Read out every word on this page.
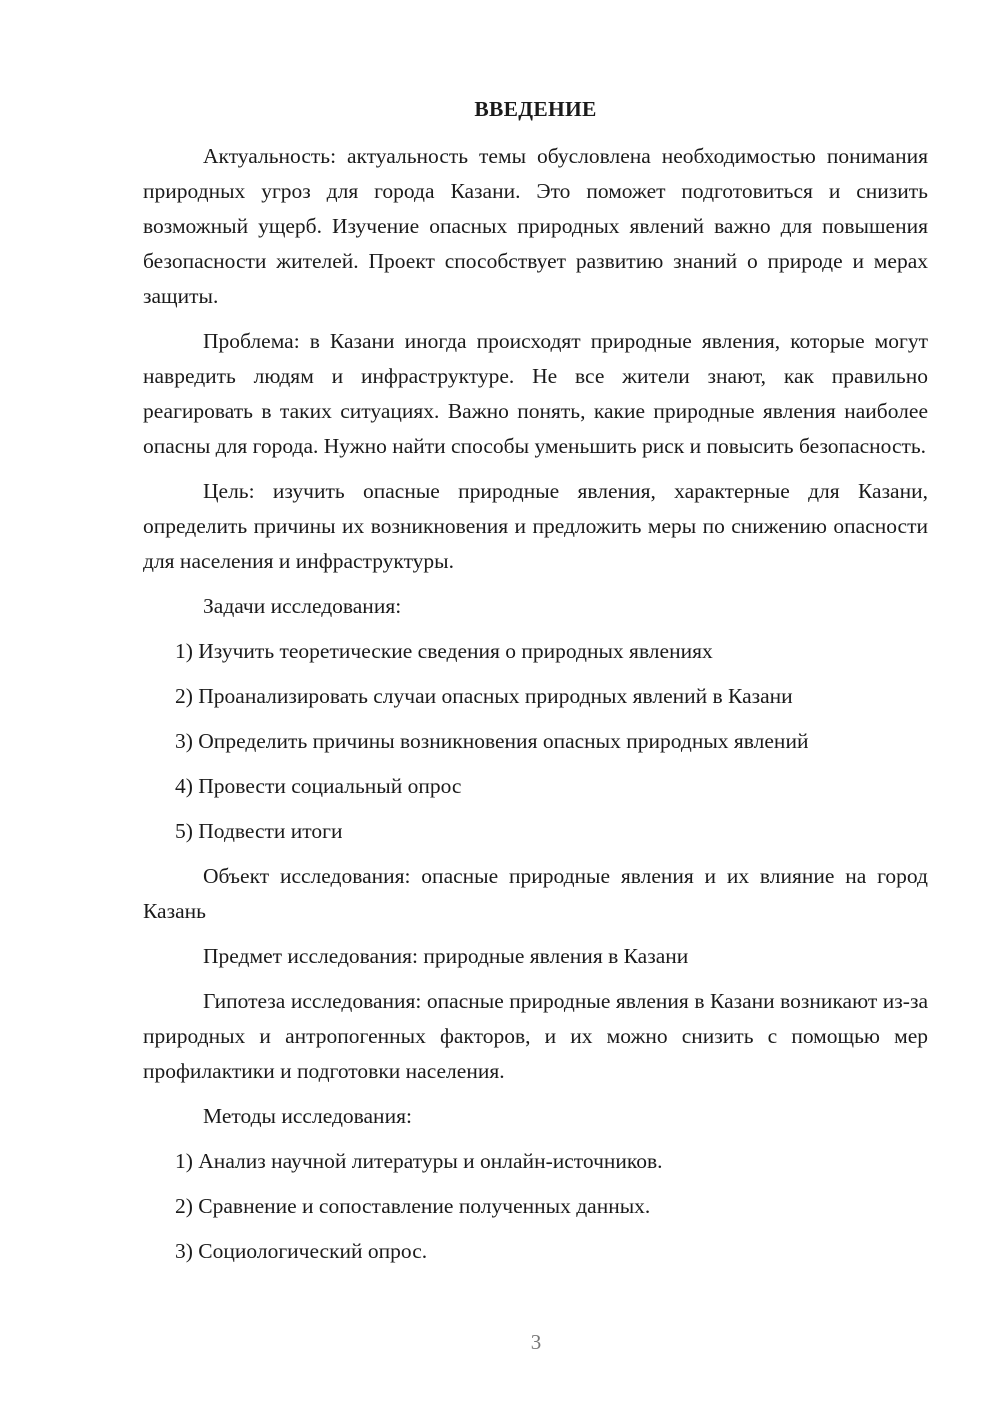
ВВЕДЕНИЕ

Актуальность: актуальность темы обусловлена необходимостью понимания природных угроз для города Казани. Это поможет подготовиться и снизить возможный ущерб. Изучение опасных природных явлений важно для повышения безопасности жителей. Проект способствует развитию знаний о природе и мерах защиты.

Проблема: в Казани иногда происходят природные явления, которые могут навредить людям и инфраструктуре. Не все жители знают, как правильно реагировать в таких ситуациях. Важно понять, какие природные явления наиболее опасны для города. Нужно найти способы уменьшить риск и повысить безопасность.

Цель: изучить опасные природные явления, характерные для Казани, определить причины их возникновения и предложить меры по снижению опасности для населения и инфраструктуры.

Задачи исследования:
1) Изучить теоретические сведения о природных явлениях
2) Проанализировать случаи опасных природных явлений в Казани
3) Определить причины возникновения опасных природных явлений
4) Провести социальный опрос
5) Подвести итоги

Объект исследования: опасные природные явления и их влияние на город Казань

Предмет исследования: природные явления в Казани

Гипотеза исследования: опасные природные явления в Казани возникают из-за природных и антропогенных факторов, и их можно снизить с помощью мер профилактики и подготовки населения.

Методы исследования:
1) Анализ научной литературы и онлайн-источников.
2) Сравнение и сопоставление полученных данных.
3) Социологический опрос.
3
